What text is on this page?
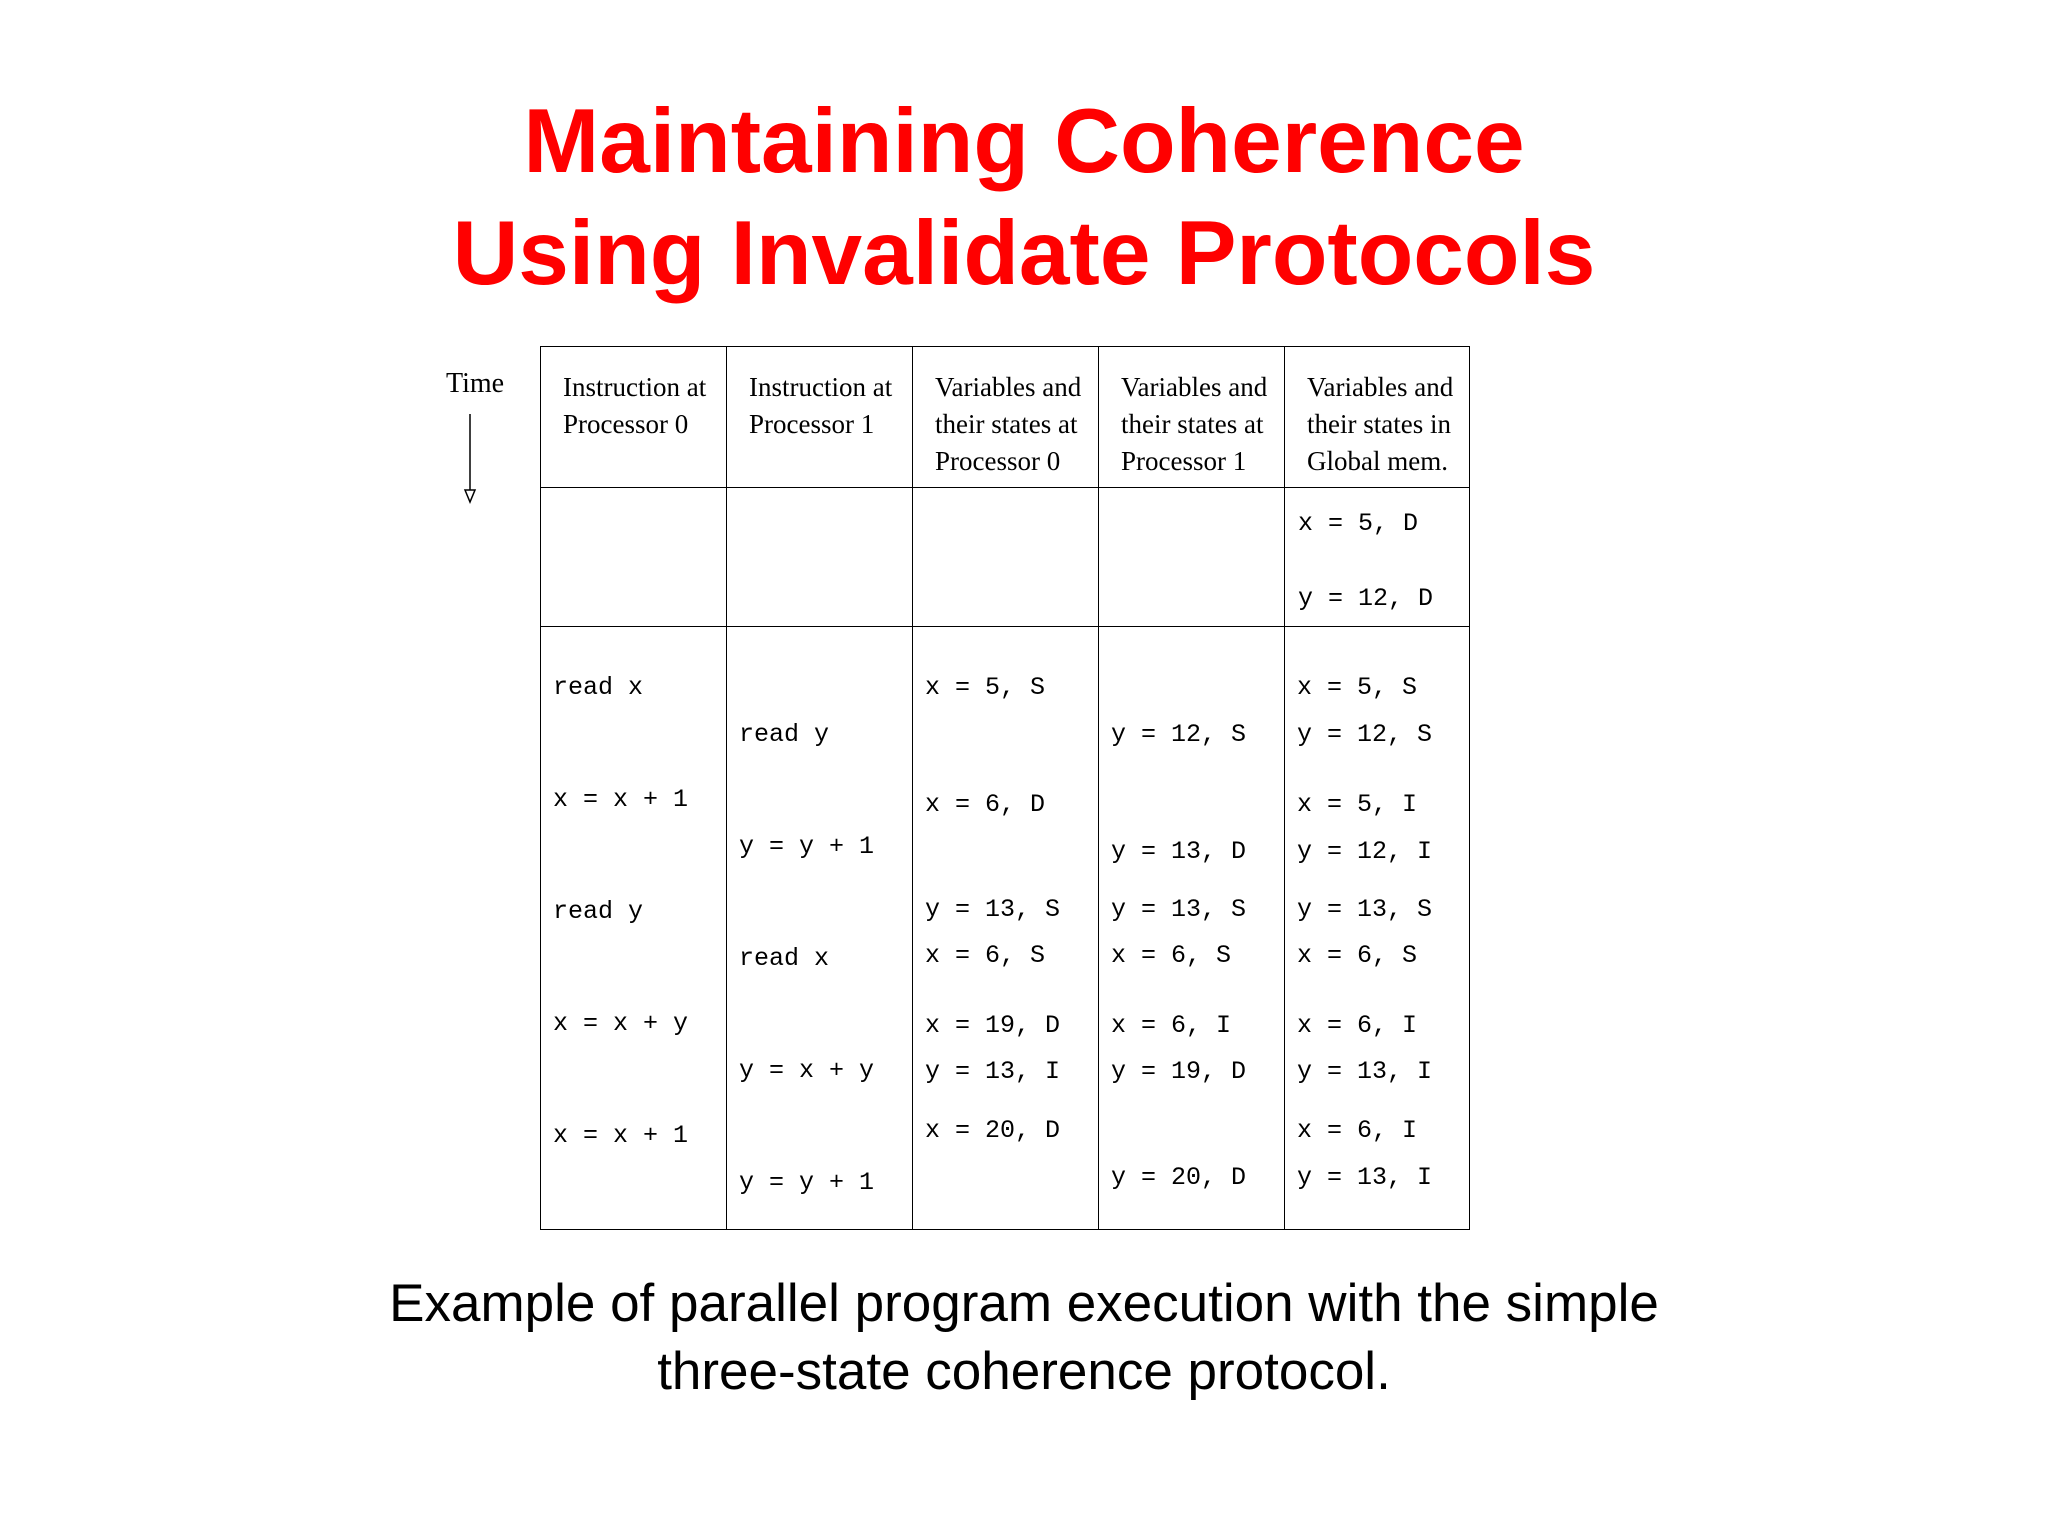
Maintaining Coherence
Using Invalidate Protocols
Time Instruction at
Processor 0
Instruction at
Processor 1
Variables and
their states at
Processor 0
Variables and
their states at
Processor 1
Variables and
their states in
Global mem.
x = 5, D
y = 12, D
read x
x = x + 1
read y
x = x + y
x = x + 1
read y
y = y + 1
read x
y = x + y
y = y + 1
x = 5, S
x = 6, D
y = 13, S
x = 6, S
x = 19, D
y = 13, I
x = 20, D
y = 12, S
y = 13, D
y = 13, S
x = 6, S
x = 6, I
y = 19, D
y = 20, D
x = 5, S
y = 12, S
x = 5, I
y = 12, I
y = 13, S
x = 6, S
x = 6, I
y = 13, I
x = 6, I
y = 13, I
Example of parallel program execution with the simple
three-state coherence protocol.
